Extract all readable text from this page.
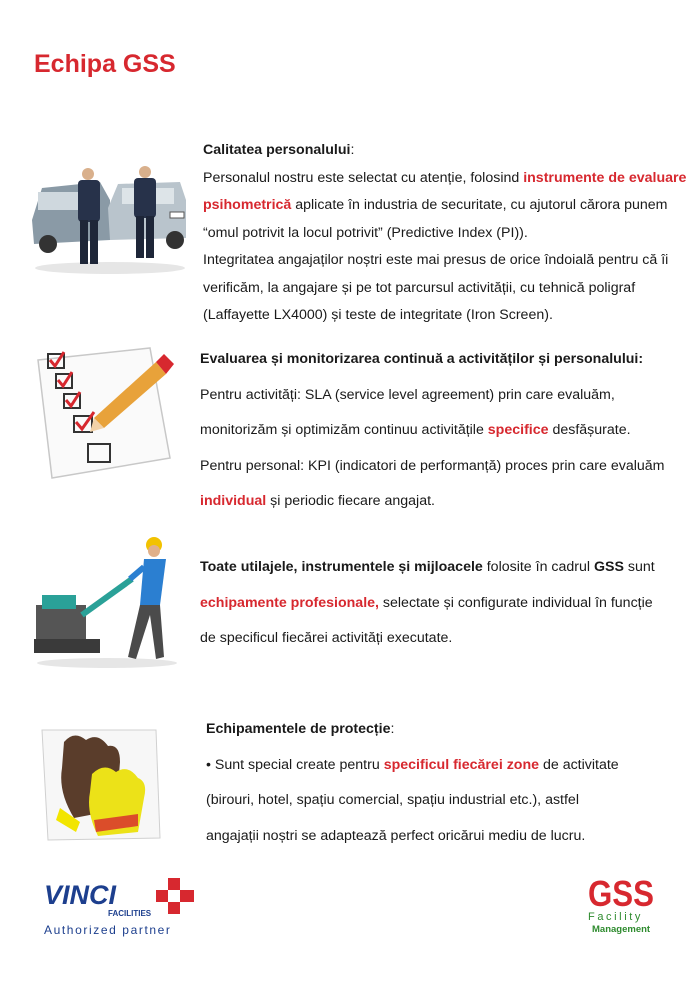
Echipa GSS

Calitatea personalului:

Personalul nostru este selectat cu atenție, folosind instrumente de evaluare psihometrică aplicate în industria de securitate, cu ajutorul cărora punem “omul potrivit la locul potrivit” (Predictive Index (PI)).

Integritatea angajaților noștri este mai presus de orice îndoială pentru că îi verificăm, la angajare și pe tot parcursul activității, cu tehnică poligraf (Laffayette LX4000) și teste de integritate (Iron Screen).

Evaluarea și monitorizarea continuă a activităților și personalului:

Pentru activități: SLA (service level agreement) prin care evaluăm,

monitorizăm și optimizăm continuu activitățile specifice desfășurate.

Pentru personal: KPI (indicatori de performanță) proces prin care evaluăm

individual și periodic fiecare angajat.

Toate utilajele, instrumentele și mijloacele folosite în cadrul GSS sunt

echipamente profesionale, selectate și configurate individual în funcție

de specificul fiecărei activități executate.

Echipamentele de protecție:

• Sunt special create pentru specificul fiecărei zone de activitate

(birouri, hotel, spațiu comercial, spațiu industrial etc.), astfel

angajații noștri se adaptează perfect oricărui mediu de lucru.

VINCI
FACILITIES
Authorized partner
GSS
Facility
Management
